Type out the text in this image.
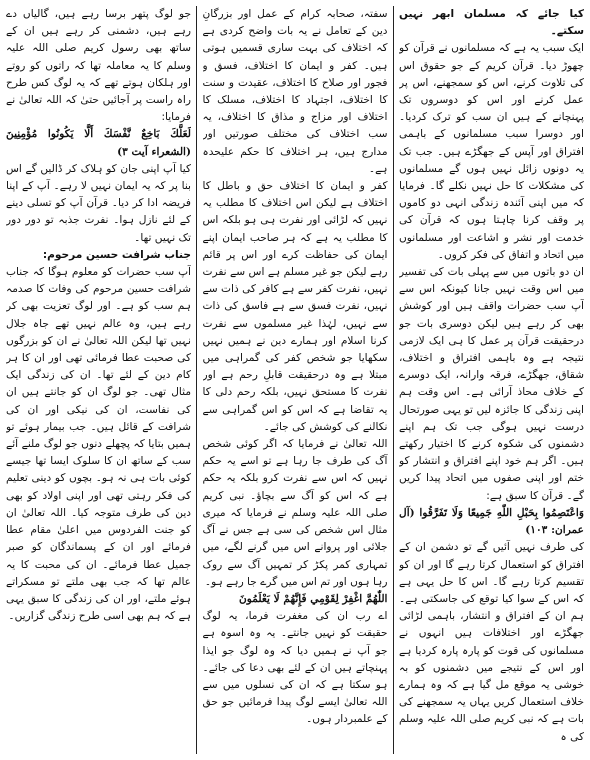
کیا جائے کہ مسلمان ابھر نہیں سکتے۔

ایک سبب یہ ہے کہ مسلمانوں نے قرآن کو چھوڑ دیا۔ قرآن کریم کے جو حقوق اس کی تلاوت کرنے، اس کو سمجھنے، اس پر عمل کرنے اور اس کو دوسروں تک پہنچانے کے ہیں ان سب کو ترک کردیا۔ اور دوسرا سبب مسلمانوں کے باہمی افتراق اور آپس کے جھگڑے ہیں۔ جب تک یہ دونوں زائل نہیں ہوں گے مسلمانوں کی مشکلات کا حل نہیں نکلے گا۔ فرمایا کہ میں اپنی آئندہ زندگی انہی دو کاموں پر وقف کرنا چاہتا ہوں کہ قرآن کی خدمت اور نشر و اشاعت اور مسلمانوں میں اتحاد و اتفاق کی فکر کروں۔

ان دو باتوں میں سے پہلی بات کی تفسیر میں اس وقت نہیں جانا کیونکہ اس سے آپ سب حضرات واقف ہیں اور کوشش بھی کر رہے ہیں لیکن دوسری بات جو درحقیقت قرآن پر عمل کا ہی ایک لازمی نتیجہ ہے وہ باہمی افتراق و اختلاف، شقاق، جھگڑے، فرقہ وارانہ، ایک دوسرے کے خلاف محاذ آرائی ہے۔ اس وقت ہم اپنی زندگی کا جائزہ لیں تو یہی صورتحال درست نہیں ہوگی جب تک ہم اپنے دشمنوں کی شکوہ کرنے کا اختیار رکھتے ہیں۔ اگر ہم خود اپنے افتراق و انتشار کو ختم اور اپنی صفوں میں اتحاد پیدا کریں گے۔ قرآن کا سبق ہے:

وَاعْتَصِمُوا بِحَبْلِ اللّٰهِ جَمِيعًا وَلَا تَفَرَّقُوا (آل عمران: ۱۰۳)

کی طرف نہیں آئیں گے تو دشمن ان کے افتراق کو استعمال کرتا رہے گا اور ان کو تقسیم کرتا رہے گا۔ اس کا حل یہی ہے کہ اس کے سوا کیا توقع کی جاسکتی ہے۔ ہم ان کے افتراق و انتشار، باہمی لڑائی جھگڑے اور اختلافات ہیں انہوں نے مسلمانوں کی قوت کو پارہ پارہ کردیا ہے اور اس کے نتیجے میں دشمنوں کو بہ خوشی یہ موقع مل گیا ہے کہ وہ ہمارے خلاف استعمال کریں یہاں یہ سمجھنے کی بات ہے کہ نبی کریم صلی اللہ علیہ وسلم کی ہ

سفتہ، صحابہ کرام کے عمل اور بزرگانِ دین کے تعامل نے یہ بات واضح کردی ہے کہ اختلاف کی بہت ساری قسمیں ہوتی ہیں۔ کفر و ایمان کا اختلاف، فسق و فجور اور صلاح کا اختلاف، عقیدت و سنت کا اختلاف، اجتہاد کا اختلاف، مسلک کا اختلاف اور مزاج و مذاق کا اختلاف، یہ سب اختلاف کی مختلف صورتیں اور مدارج ہیں، ہر اختلاف کا حکم علیحدہ ہے۔

کفر و ایمان کا اختلاف حق و باطل کا اختلاف ہے لیکن اس اختلاف کا مطلب یہ نہیں کہ لڑائی اور نفرت ہی ہو بلکہ اس کا مطلب یہ ہے کہ ہر صاحب ایمان اپنے ایمان کی حفاظت کرے اور اس پر قائم رہے لیکن جو غیر مسلم ہے اس سے نفرت نہیں، نفرت کفر سے ہے کافر کی ذات سے نہیں، نفرت فسق سے ہے فاسق کی ذات سے نہیں، لہٰذا غیر مسلموں سے نفرت کرنا اسلام اور ہمارے دین نے ہمیں نہیں سکھایا جو شخص کفر کی گمراہی میں مبتلا ہے وہ درحقیقت قابلِ رحم ہے اور نفرت کا مستحق نہیں، بلکہ رحم دلی کا یہ تقاضا ہے کہ اس کو اس گمراہی سے نکالنے کی کوشش کی جائے۔

اللہ تعالیٰ نے فرمایا کہ اگر کوئی شخص آگ کی طرف جا رہا ہے تو اسے یہ حکم نہیں کہ اس سے نفرت کرو بلکہ یہ حکم ہے کہ اس کو آگ سے بچاؤ۔ نبی کریم صلی اللہ علیہ وسلم نے فرمایا کہ میری مثال اس شخص کی سی ہے جس نے آگ جلائی اور پروانے اس میں گرنے لگے، میں تمہاری کمر پکڑ کر تمہیں آگ سے روک رہا ہوں اور تم اس میں گرے جا رہے ہو۔

اللّٰهُمَّ اغْفِرْ لِقَوْمِي فَإِنَّهُمْ لَا يَعْلَمُونَ

اے رب ان کی مغفرت فرما، یہ لوگ حقیقت کو نہیں جانتے۔ یہ وہ اسوہ ہے جو آپ نے ہمیں دیا کہ وہ لوگ جو ایذا پہنچاتے ہیں ان کے لئے بھی دعا کی جائے۔ ہو سکتا ہے کہ ان کی نسلوں میں سے اللہ تعالیٰ ایسے لوگ پیدا فرمائیں جو حق کے علمبردار ہوں۔

جو لوگ پتھر برسا رہے ہیں، گالیاں دے رہے ہیں، دشمنی کر رہے ہیں ان کے ساتھ بھی رسول کریم صلی اللہ علیہ وسلم کا یہ معاملہ تھا کہ راتوں کو روتے اور ہلکان ہوتے تھے کہ یہ لوگ کس طرح راہ راست پر آجائیں حتیٰ کہ اللہ تعالیٰ نے فرمایا:

لَعَلَّكَ بَاخِعٌ نَّفْسَكَ أَلَّا يَكُونُوا مُؤْمِنِينَ (الشعراء آیت ۳)

کیا آپ اپنی جان کو ہلاک کر ڈالیں گے اس بنا پر کہ یہ ایمان نہیں لا رہے۔ آپ کے اپنا فریضہ ادا کر دیا۔ قرآن آپ کو تسلی دینے کے لئے نازل ہوا۔ نفرت جذبہ تو دور دور تک نہیں تھا۔

جناب شرافت حسین مرحوم:

آپ سب حضرات کو معلوم ہوگا کہ جناب شرافت حسین مرحوم کی وفات کا صدمہ ہم سب کو ہے۔ اور لوگ تعزیت بھی کر رہے ہیں، وہ عالم نہیں تھے جاہ جلال نہیں تھا لیکن اللہ تعالیٰ نے ان کو بزرگوں کی صحبت عطا فرمائی تھی اور ان کا ہر کام دین کے لئے تھا۔ ان کی زندگی ایک مثال تھی۔ جو لوگ ان کو جانتے ہیں ان کی نفاست، ان کی نیکی اور ان کی شرافت کے قائل ہیں۔ جب بیمار ہوئے تو ہمیں بتایا کہ پچھلے دنوں جو لوگ ملنے آئے سب کے ساتھ ان کا سلوک ایسا تھا جیسے کوئی بات ہی نہ ہو۔ بچوں کو دینی تعلیم کی فکر رہتی تھی اور اپنی اولاد کو بھی دین کی طرف متوجہ کیا۔ اللہ تعالیٰ ان کو جنت الفردوس میں اعلیٰ مقام عطا فرمائے اور ان کے پسماندگان کو صبر جمیل عطا فرمائے۔ ان کی محبت کا یہ عالم تھا کہ جب بھی ملتے تو مسکراتے ہوئے ملتے، اور ان کی زندگی کا سبق یہی ہے کہ ہم بھی اسی طرح زندگی گزاریں۔
